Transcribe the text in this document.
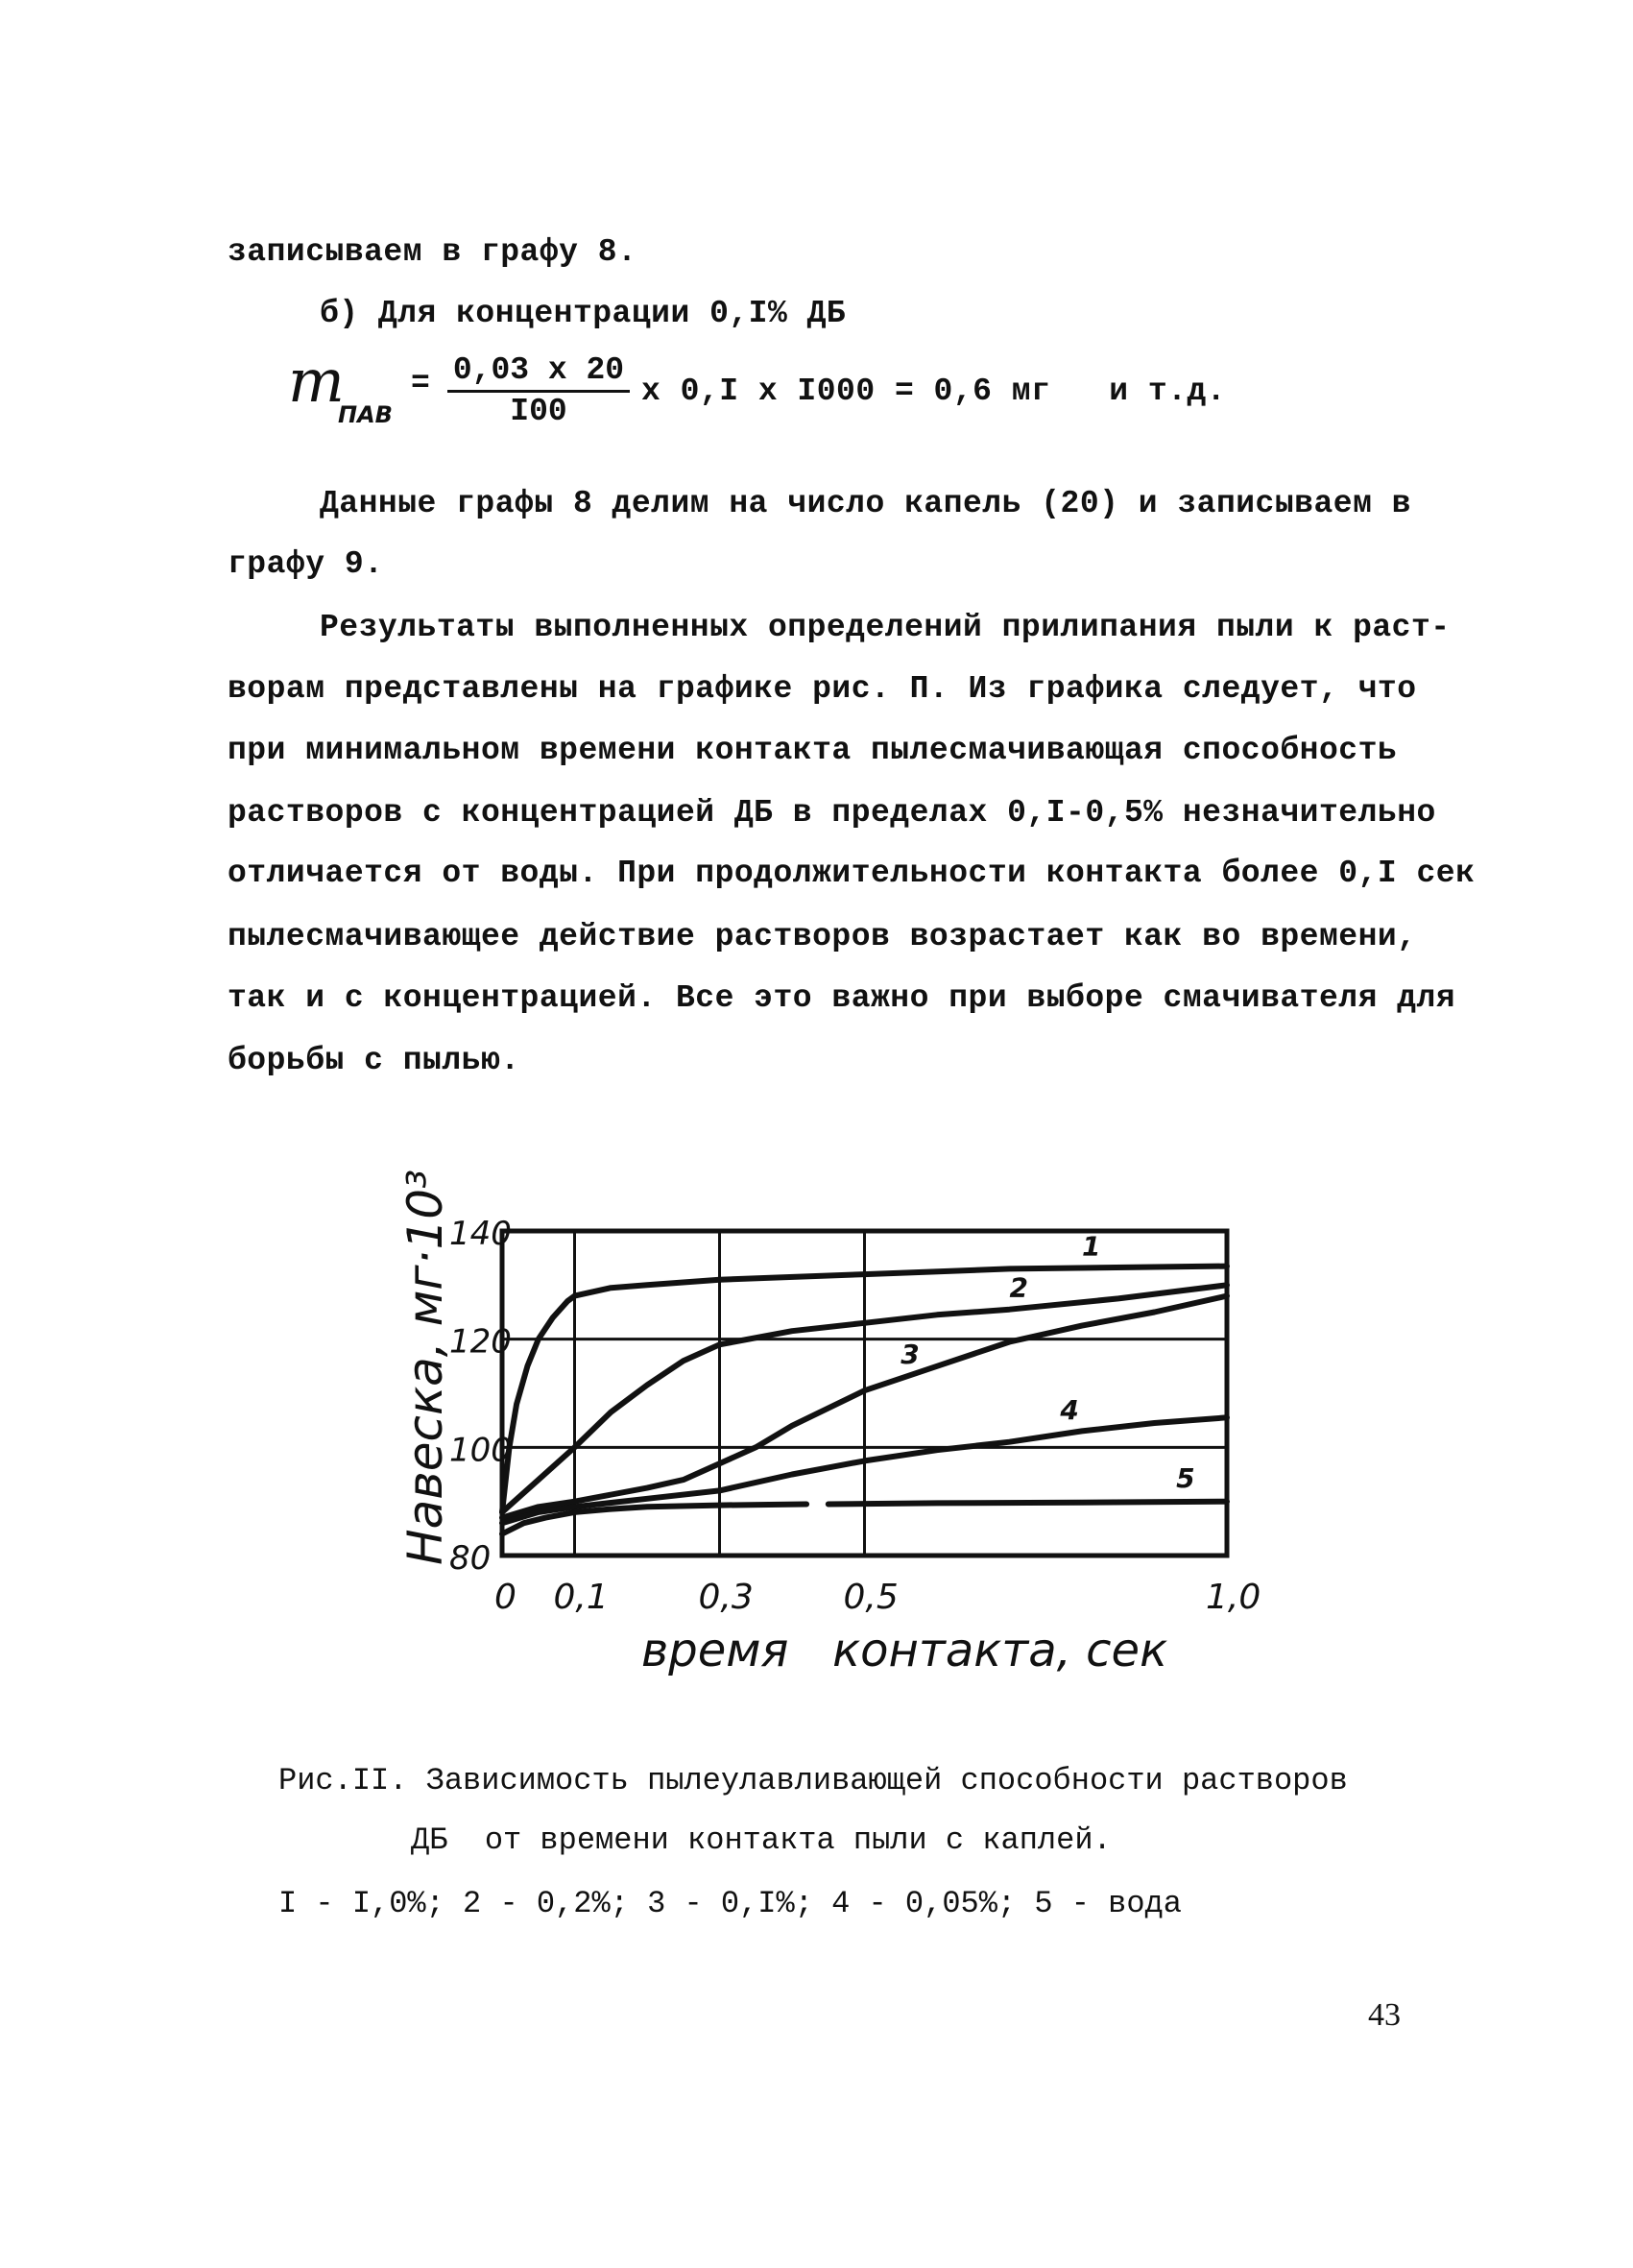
записываем в графу 8.
б) Для концентрации 0,I% ДБ
m
ПАВ
= $\frac{0,03 x 20}{I00}$ x 0,I x I000 = 0,6 мг   и т.д.
Данные графы 8 делим на число капель (20) и записываем в
графу 9.
Результаты выполненных определений прилипания пыли к раст-
ворам представлены на графике рис. П. Из графика следует, что
при минимальном времени контакта пылесмачивающая способность
растворов с концентрацией ДБ в пределах 0,I-0,5% незначительно
отличается от воды. При продолжительности контакта более 0,I сек
пылесмачивающее действие растворов возрастает как во времени,
так и с концентрацией. Все это важно при выборе смачивателя для
борьбы с пылью.
1
2
3
4
5
0 0,1	0,3	0,5	1,0
80
100
120
140
Навеска, мг·10³
время   контакта, сек
Рис.II. Зависимость пылеулавливающей способности растворов
ДБ  от времени контакта пыли с каплей.
I - I,0%; 2 - 0,2%; 3 - 0,I%; 4 - 0,05%; 5 - вода
43
